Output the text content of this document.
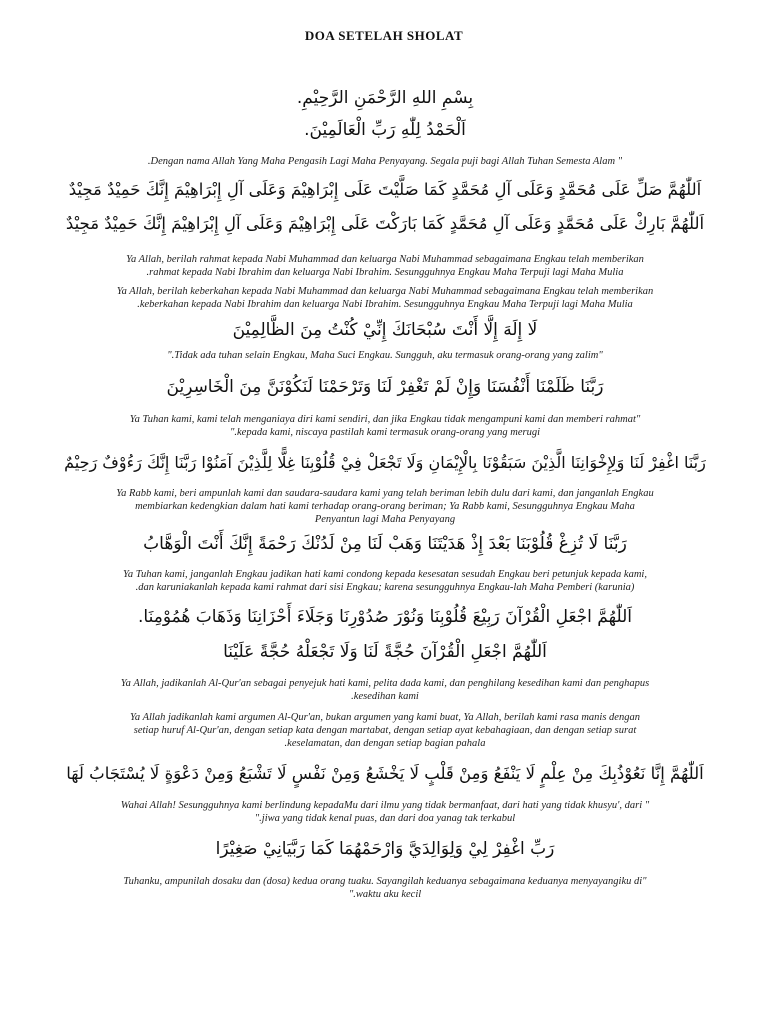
DOA SETELAH SHOLAT
بِسْمِ اللهِ الرَّحْمَنِ الرَّحِيْمِ.
اَلْحَمْدُ لِلّٰهِ رَبِّ الْعَالَمِيْنَ.
.Dengan nama Allah Yang Maha Pengasih Lagi Maha Penyayang. Segala puji bagi Allah Tuhan Semesta Alam "
اَللّٰهُمَّ صَلِّ عَلَى مُحَمَّدٍ وَعَلَى آلِ مُحَمَّدٍ كَمَا صَلَّيْتَ عَلَى إِبْرَاهِيْمَ وَعَلَى آلِ إِبْرَاهِيْمَ إِنَّكَ حَمِيْدٌ مَجِيْدٌ
اَللّٰهُمَّ بَارِكْ عَلَى مُحَمَّدٍ وَعَلَى آلِ مُحَمَّدٍ كَمَا بَارَكْتَ عَلَى إِبْرَاهِيْمَ وَعَلَى آلِ إِبْرَاهِيْمَ إِنَّكَ حَمِيْدٌ مَجِيْدٌ
Ya Allah, berilah rahmat kepada Nabi Muhammad dan keluarga Nabi Muhammad sebagaimana Engkau telah memberikan
.rahmat kepada Nabi Ibrahim dan keluarga Nabi Ibrahim. Sesungguhnya Engkau Maha Terpuji lagi Maha Mulia
Ya Allah, berilah keberkahan kepada Nabi Muhammad dan keluarga Nabi Muhammad sebagaimana Engkau telah memberikan
.keberkahan kepada Nabi Ibrahim dan keluarga Nabi Ibrahim. Sesungguhnya Engkau Maha Terpuji lagi Maha Mulia
لَا إِلَهَ إِلَّا أَنْتَ سُبْحَانَكَ إِنِّيْ كُنْتُ مِنَ الظَّالِمِيْنَ
".Tidak ada tuhan selain Engkau, Maha Suci Engkau. Sungguh, aku termasuk orang-orang yang zalim"
رَبَّنَا ظَلَمْنَا أَنْفُسَنَا وَإِنْ لَمْ تَغْفِرْ لَنَا وَتَرْحَمْنَا لَنَكُوْنَنَّ مِنَ الْخَاسِرِيْنَ
Ya Tuhan kami, kami telah menganiaya diri kami sendiri, dan jika Engkau tidak mengampuni kami dan memberi rahmat"
".kepada kami, niscaya pastilah kami termasuk orang-orang yang merugi
رَبَّنَا اغْفِرْ لَنَا وَلِإِخْوَانِنَا الَّذِيْنَ سَبَقُوْنَا بِالْإِيْمَانِ وَلَا تَجْعَلْ فِيْ قُلُوْبِنَا غِلًّا لِلَّذِيْنَ آمَنُوْا رَبَّنَا إِنَّكَ رَءُوْفٌ رَحِيْمٌ
Ya Rabb kami, beri ampunlah kami dan saudara-saudara kami yang telah beriman lebih dulu dari kami, dan janganlah Engkau
membiarkan kedengkian dalam hati kami terhadap orang-orang beriman; Ya Rabb kami, Sesungguhnya Engkau Maha
Penyantun lagi Maha Penyayang
رَبَّنَا لَا تُزِغْ قُلُوْبَنَا بَعْدَ إِذْ هَدَيْتَنَا وَهَبْ لَنَا مِنْ لَدُنْكَ رَحْمَةً إِنَّكَ أَنْتَ الْوَهَّابُ
Ya Tuhan kami, janganlah Engkau jadikan hati kami condong kepada kesesatan sesudah Engkau beri petunjuk kepada kami,
.dan karuniakanlah kepada kami rahmat dari sisi Engkau; karena sesungguhnya Engkau-lah Maha Pemberi (karunia)
اَللّٰهُمَّ اجْعَلِ الْقُرْآنَ رَبِيْعَ قُلُوْبِنَا وَنُوْرَ صُدُوْرِنَا وَجَلَاءَ أَحْزَانِنَا وَذَهَابَ هُمُوْمِنَا.
اَللّٰهُمَّ اجْعَلِ الْقُرْآنَ حُجَّةً لَنَا وَلَا تَجْعَلْهُ حُجَّةً عَلَيْنَا
Ya Allah, jadikanlah Al-Qur'an sebagai penyejuk hati kami, pelita dada kami, dan penghilang kesedihan kami dan penghapus
.kesedihan kami
Ya Allah jadikanlah kami argumen Al-Qur'an, bukan argumen yang kami buat, Ya Allah, berilah kami rasa manis dengan
setiap huruf Al-Qur'an, dengan setiap kata dengan martabat, dengan setiap ayat kebahagiaan, dan dengan setiap surat
.keselamatan, dan dengan setiap bagian pahala
اَللّٰهُمَّ إِنَّا نَعُوْذُبِكَ مِنْ عِلْمٍ لَا يَنْفَعُ وَمِنْ قَلْبٍ لَا يَخْشَعُ وَمِنْ نَفْسٍ لَا تَشْبَعُ وَمِنْ دَعْوَةٍ لَا يُسْتَجَابُ لَهَا
Wahai Allah! Sesungguhnya kami berlindung kepadaMu dari ilmu yang tidak bermanfaat, dari hati yang tidak khusyu', dari "
".jiwa yang tidak kenal puas, dan dari doa yanag tak terkabul
رَبِّ اغْفِرْ لِيْ وَلِوَالِدَيَّ وَارْحَمْهُمَا كَمَا رَبَّيَانِيْ صَغِيْرًا
Tuhanku, ampunilah dosaku dan (dosa) kedua orang tuaku. Sayangilah keduanya sebagaimana keduanya menyayangiku di"
".waktu aku kecil
